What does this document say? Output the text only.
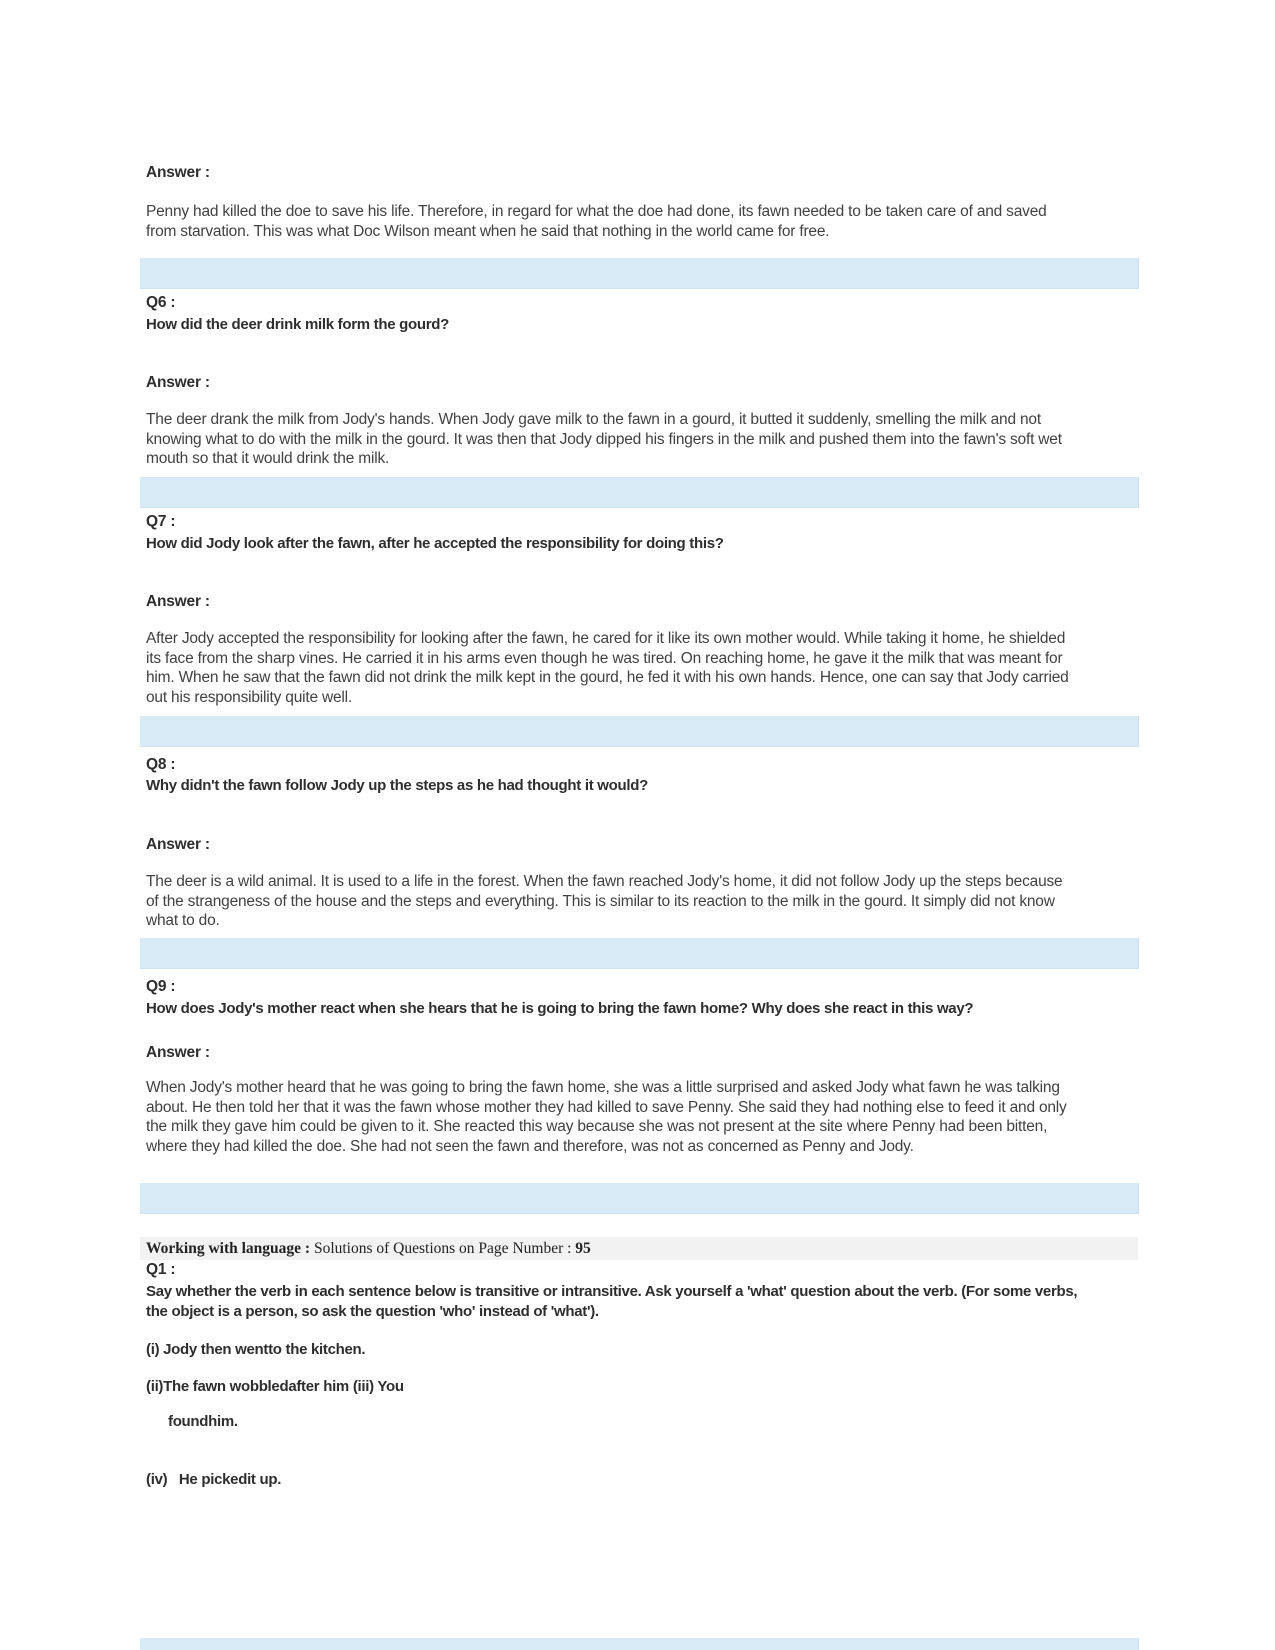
Answer :
Penny had killed the doe to save his life. Therefore, in regard for what the doe had done, its fawn needed to be taken care of and saved from starvation. This was what Doc Wilson meant when he said that nothing in the world came for free.
Q6 :
How did the deer drink milk form the gourd?
Answer :
The deer drank the milk from Jody's hands. When Jody gave milk to the fawn in a gourd, it butted it suddenly, smelling the milk and not knowing what to do with the milk in the gourd. It was then that Jody dipped his fingers in the milk and pushed them into the fawn's soft wet mouth so that it would drink the milk.
Q7 :
How did Jody look after the fawn, after he accepted the responsibility for doing this?
Answer :
After Jody accepted the responsibility for looking after the fawn, he cared for it like its own mother would. While taking it home, he shielded its face from the sharp vines. He carried it in his arms even though he was tired. On reaching home, he gave it the milk that was meant for him. When he saw that the fawn did not drink the milk kept in the gourd, he fed it with his own hands. Hence, one can say that Jody carried out his responsibility quite well.
Q8 :
Why didn't the fawn follow Jody up the steps as he had thought it would?
Answer :
The deer is a wild animal. It is used to a life in the forest. When the fawn reached Jody's home, it did not follow Jody up the steps because of the strangeness of the house and the steps and everything. This is similar to its reaction to the milk in the gourd. It simply did not know what to do.
Q9 :
How does Jody's mother react when she hears that he is going to bring the fawn home? Why does she react in this way?
Answer :
When Jody's mother heard that he was going to bring the fawn home, she was a little surprised and asked Jody what fawn he was talking about. He then told her that it was the fawn whose mother they had killed to save Penny. She said they had nothing else to feed it and only the milk they gave him could be given to it. She reacted this way because she was not present at the site where Penny had been bitten, where they had killed the doe. She had not seen the fawn and therefore, was not as concerned as Penny and Jody.
Working with language : Solutions of Questions on Page Number : 95
Q1 :
Say whether the verb in each sentence below is transitive or intransitive. Ask yourself a 'what' question about the verb. (For some verbs, the object is a person, so ask the question 'who' instead of 'what').
(i) Jody then wentto the kitchen.
(ii)The fawn wobbledafter him (iii) You
foundhim.
(iv)   He pickedit up.
